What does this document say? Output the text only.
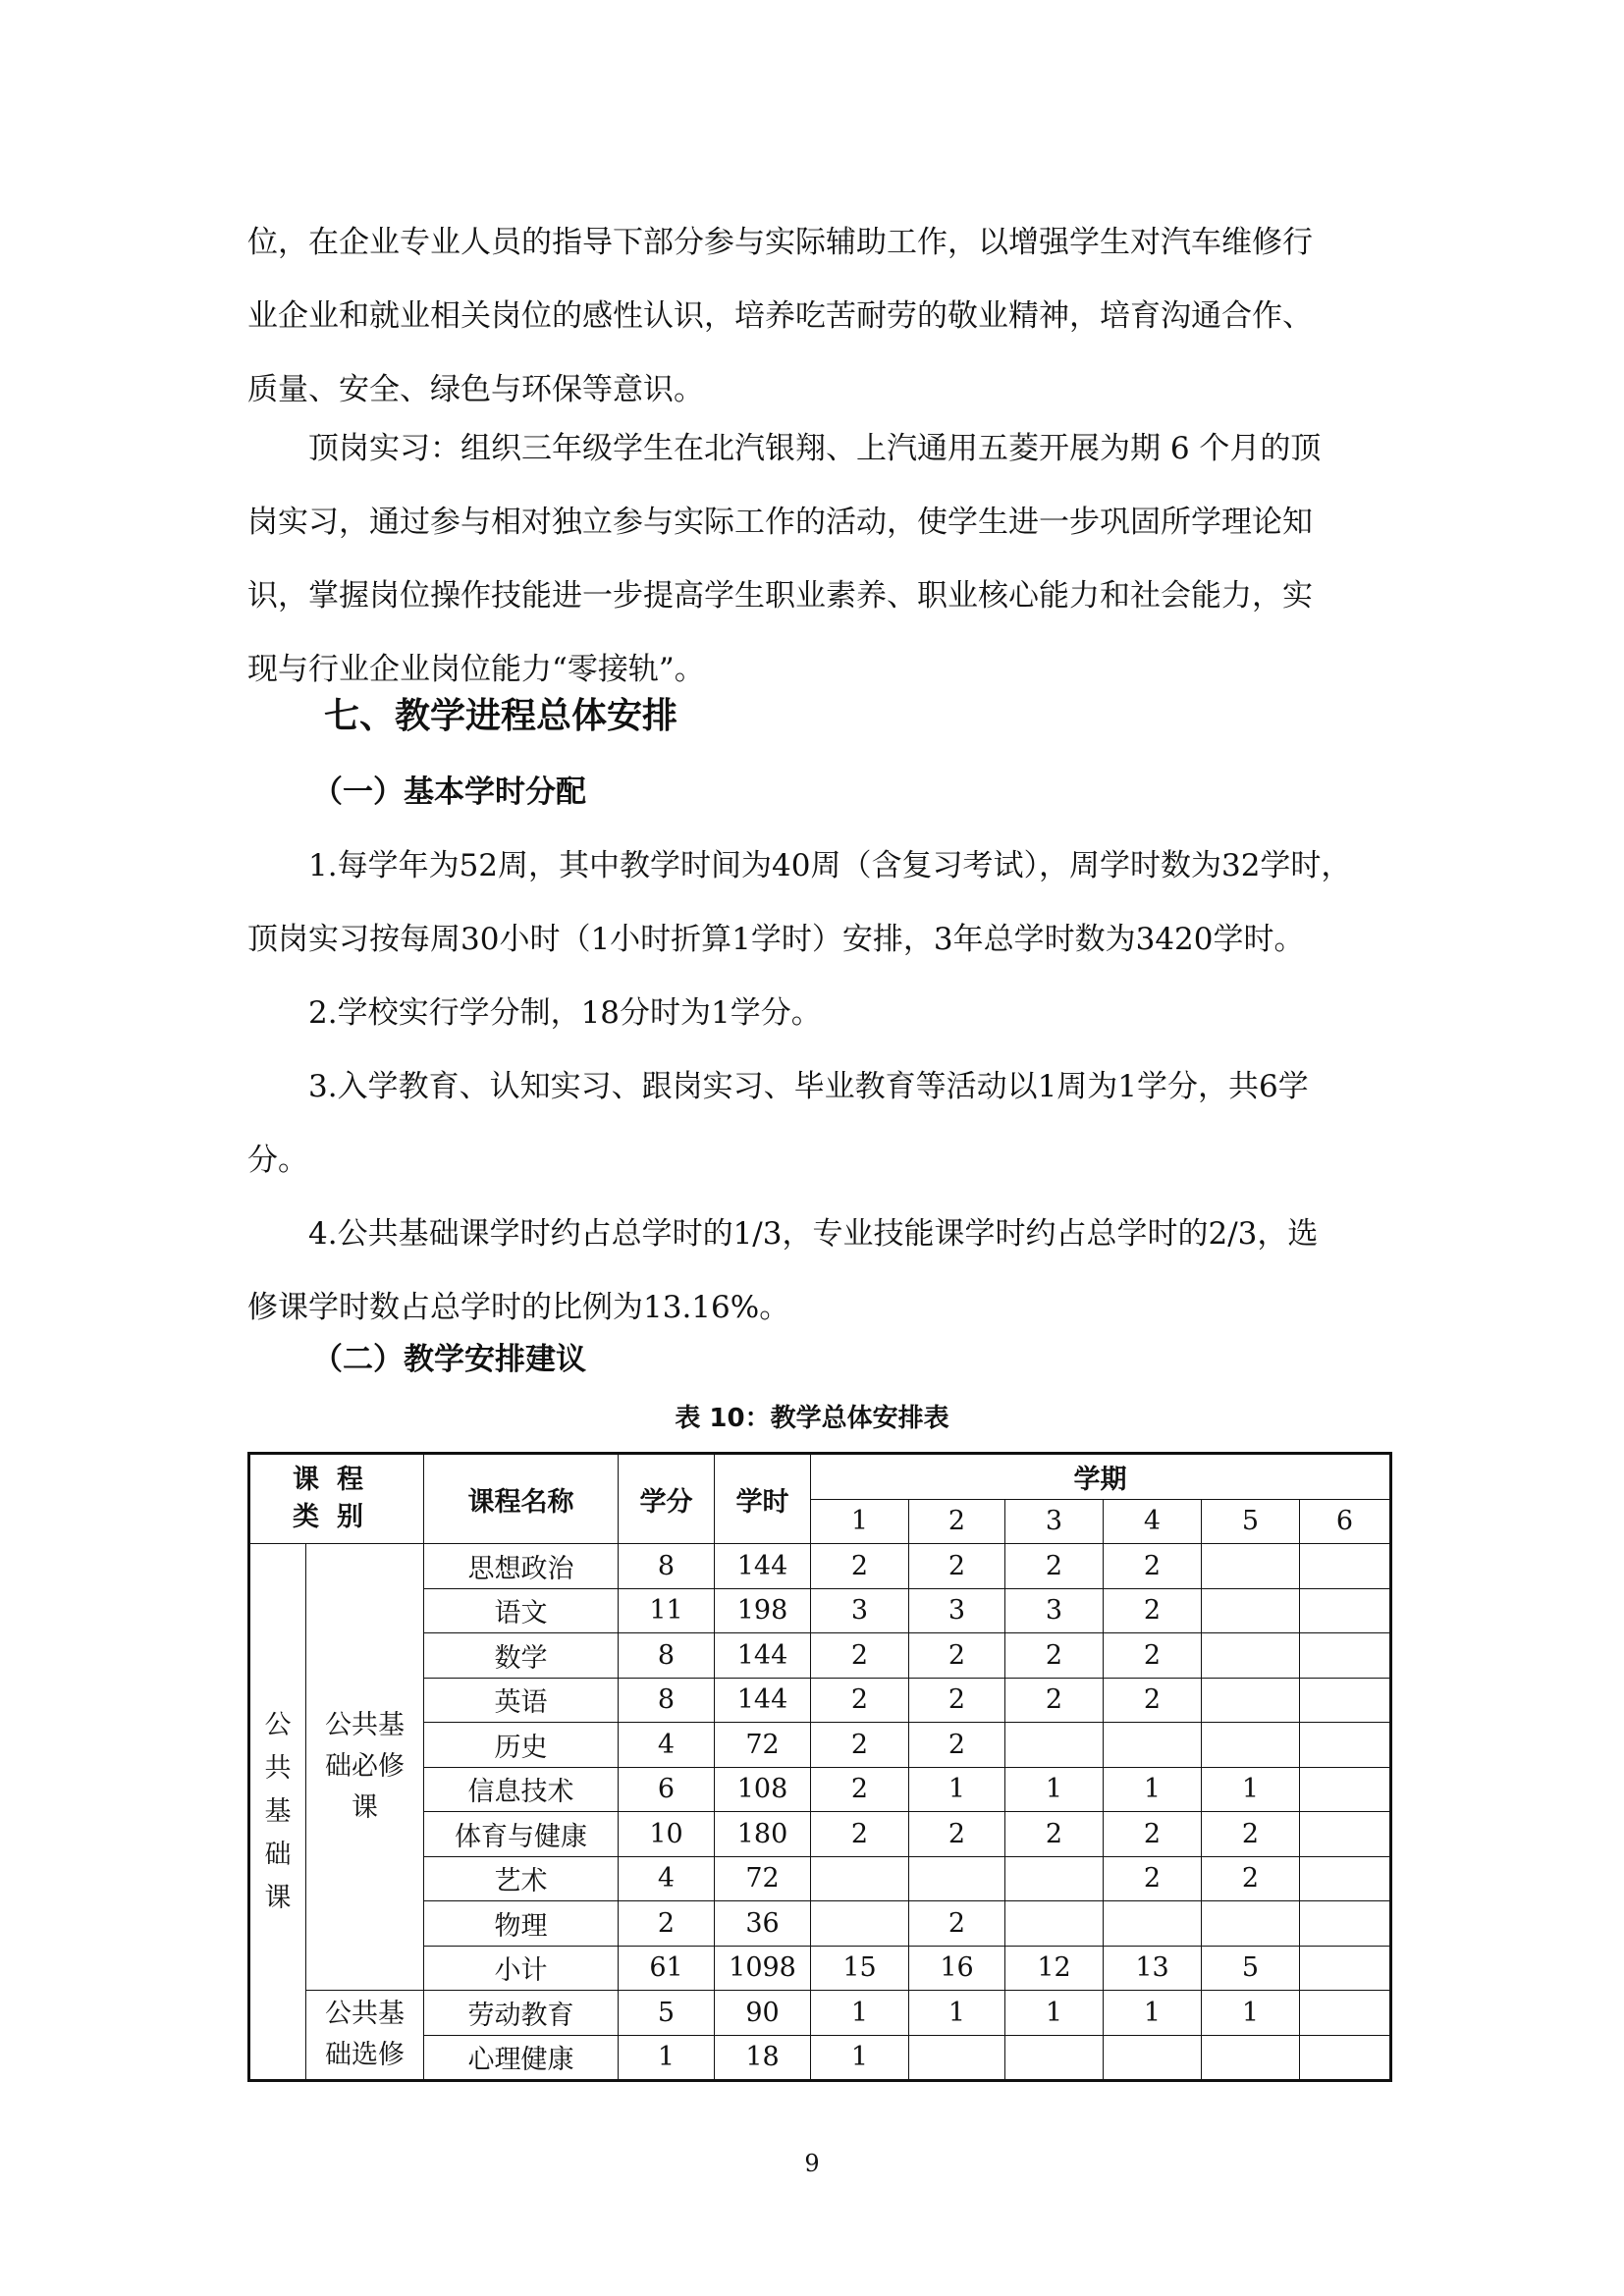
位，在企业专业人员的指导下部分参与实际辅助工作，以增强学生对汽车维修行
业企业和就业相关岗位的感性认识，培养吃苦耐劳的敬业精神，培育沟通合作、
质量、安全、绿色与环保等意识。
　　顶岗实习：组织三年级学生在北汽银翔、上汽通用五菱开展为期 6 个月的顶
岗实习，通过参与相对独立参与实际工作的活动，使学生进一步巩固所学理论知
识，掌握岗位操作技能进一步提高学生职业素养、职业核心能力和社会能力，实
现与行业企业岗位能力“零接轨”。
七、教学进程总体安排
（一）基本学时分配
　　1.每学年为52周，其中教学时间为40周（含复习考试），周学时数为32学时，
顶岗实习按每周30小时（1小时折算1学时）安排，3年总学时数为3420学时。
　　2.学校实行学分制，18分时为1学分。
　　3.入学教育、认知实习、跟岗实习、毕业教育等活动以1周为1学分，共6学
分。
　　4.公共基础课学时约占总学时的1/3，专业技能课学时约占总学时的2/3，选
修课学时数占总学时的比例为13.16%。
（二）教学安排建议

表 10：教学总体安排表

课程
类别		课程名称	学分	学时	学期					
					1	2	3	4	5	6

公
共
基
础
课	公共基
础必修
课	思想政治	8	144	2	2	2	2		
		语文	11	198	3	3	3	2		
		数学	8	144	2	2	2	2		
		英语	8	144	2	2	2	2		
		历史	4	72	2	2				
		信息技术	6	108	2	1	1	1	1	
		体育与健康	10	180	2	2	2	2	2	
		艺术	4	72				2	2	
		物理	2	36		2				
		小计	61	1098	15	16	12	13	5	

	公共基
础选修	劳动教育	5	90	1	1	1	1	1	
		心理健康	1	18	1					
9
